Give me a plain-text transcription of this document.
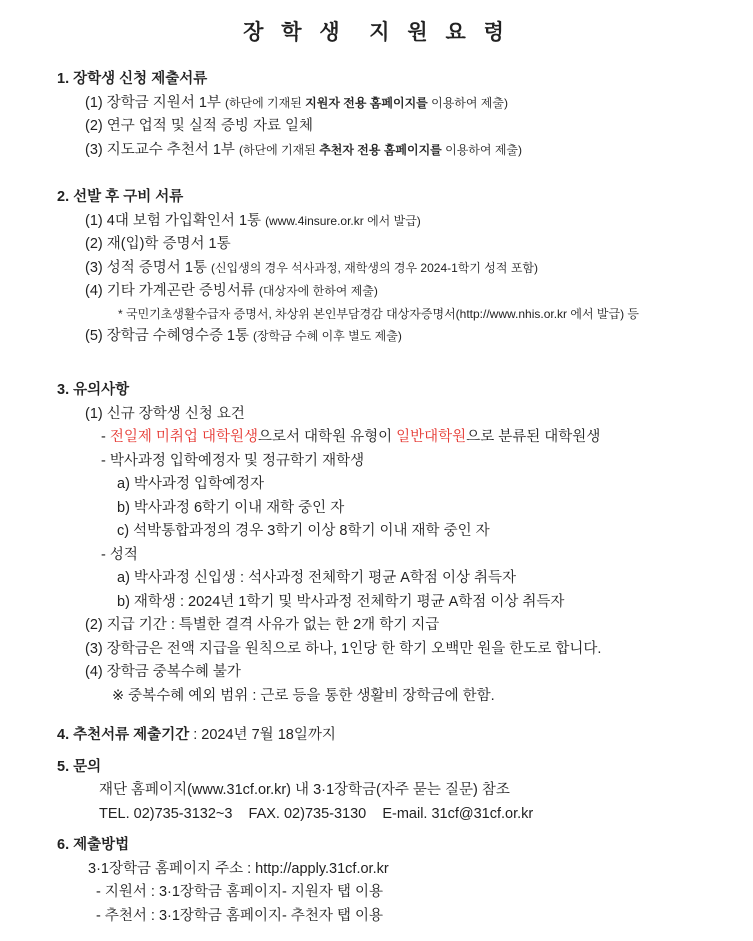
장 학 생  지 원 요 령
1. 장학생 신청 제출서류
(1) 장학금 지원서 1부 (하단에 기재된 지원자 전용 홈페이지를 이용하여 제출)
(2) 연구 업적 및 실적 증빙 자료 일체
(3) 지도교수 추천서 1부 (하단에 기재된 추천자 전용 홈페이지를 이용하여 제출)
2. 선발 후 구비 서류
(1) 4대 보험 가입확인서 1통 (www.4insure.or.kr 에서 발급)
(2) 재(입)학 증명서 1통
(3) 성적 증명서 1통 (신입생의 경우 석사과정, 재학생의 경우 2024-1학기 성적 포함)
(4) 기타 가계곤란 증빙서류 (대상자에 한하여 제출)
* 국민기초생활수급자 증명서, 차상위 본인부담경감 대상자증명서(http://www.nhis.or.kr 에서 발급) 등
(5) 장학금 수혜영수증 1통 (장학금 수혜 이후 별도 제출)
3. 유의사항
(1) 신규 장학생 신청 요건
- 전일제 미취업 대학원생으로서 대학원 유형이 일반대학원으로 분류된 대학원생
- 박사과정 입학예정자 및 정규학기 재학생
a) 박사과정 입학예정자
b) 박사과정 6학기 이내 재학 중인 자
c) 석박통합과정의 경우 3학기 이상 8학기 이내 재학 중인 자
- 성적
a) 박사과정 신입생 : 석사과정 전체학기 평균 A학점 이상 취득자
b) 재학생 : 2024년 1학기 및 박사과정 전체학기 평균 A학점 이상 취득자
(2) 지급 기간 : 특별한 결격 사유가 없는 한 2개 학기 지급
(3) 장학금은 전액 지급을 원칙으로 하나, 1인당 한 학기 오백만 원을 한도로 합니다.
(4) 장학금 중복수혜 불가
※ 중복수혜 예외 범위 : 근로 등을 통한 생활비 장학금에 한함.
4. 추천서류 제출기간 : 2024년 7월 18일까지
5. 문의
재단 홈페이지(www.31cf.or.kr) 내 3·1장학금(자주 묻는 질문) 참조
TEL. 02)735-3132~3    FAX. 02)735-3130    E-mail. 31cf@31cf.or.kr
6. 제출방법
3·1장학금 홈페이지 주소 : http://apply.31cf.or.kr
- 지원서 : 3·1장학금 홈페이지- 지원자 탭 이용
- 추천서 : 3·1장학금 홈페이지- 추천자 탭 이용
